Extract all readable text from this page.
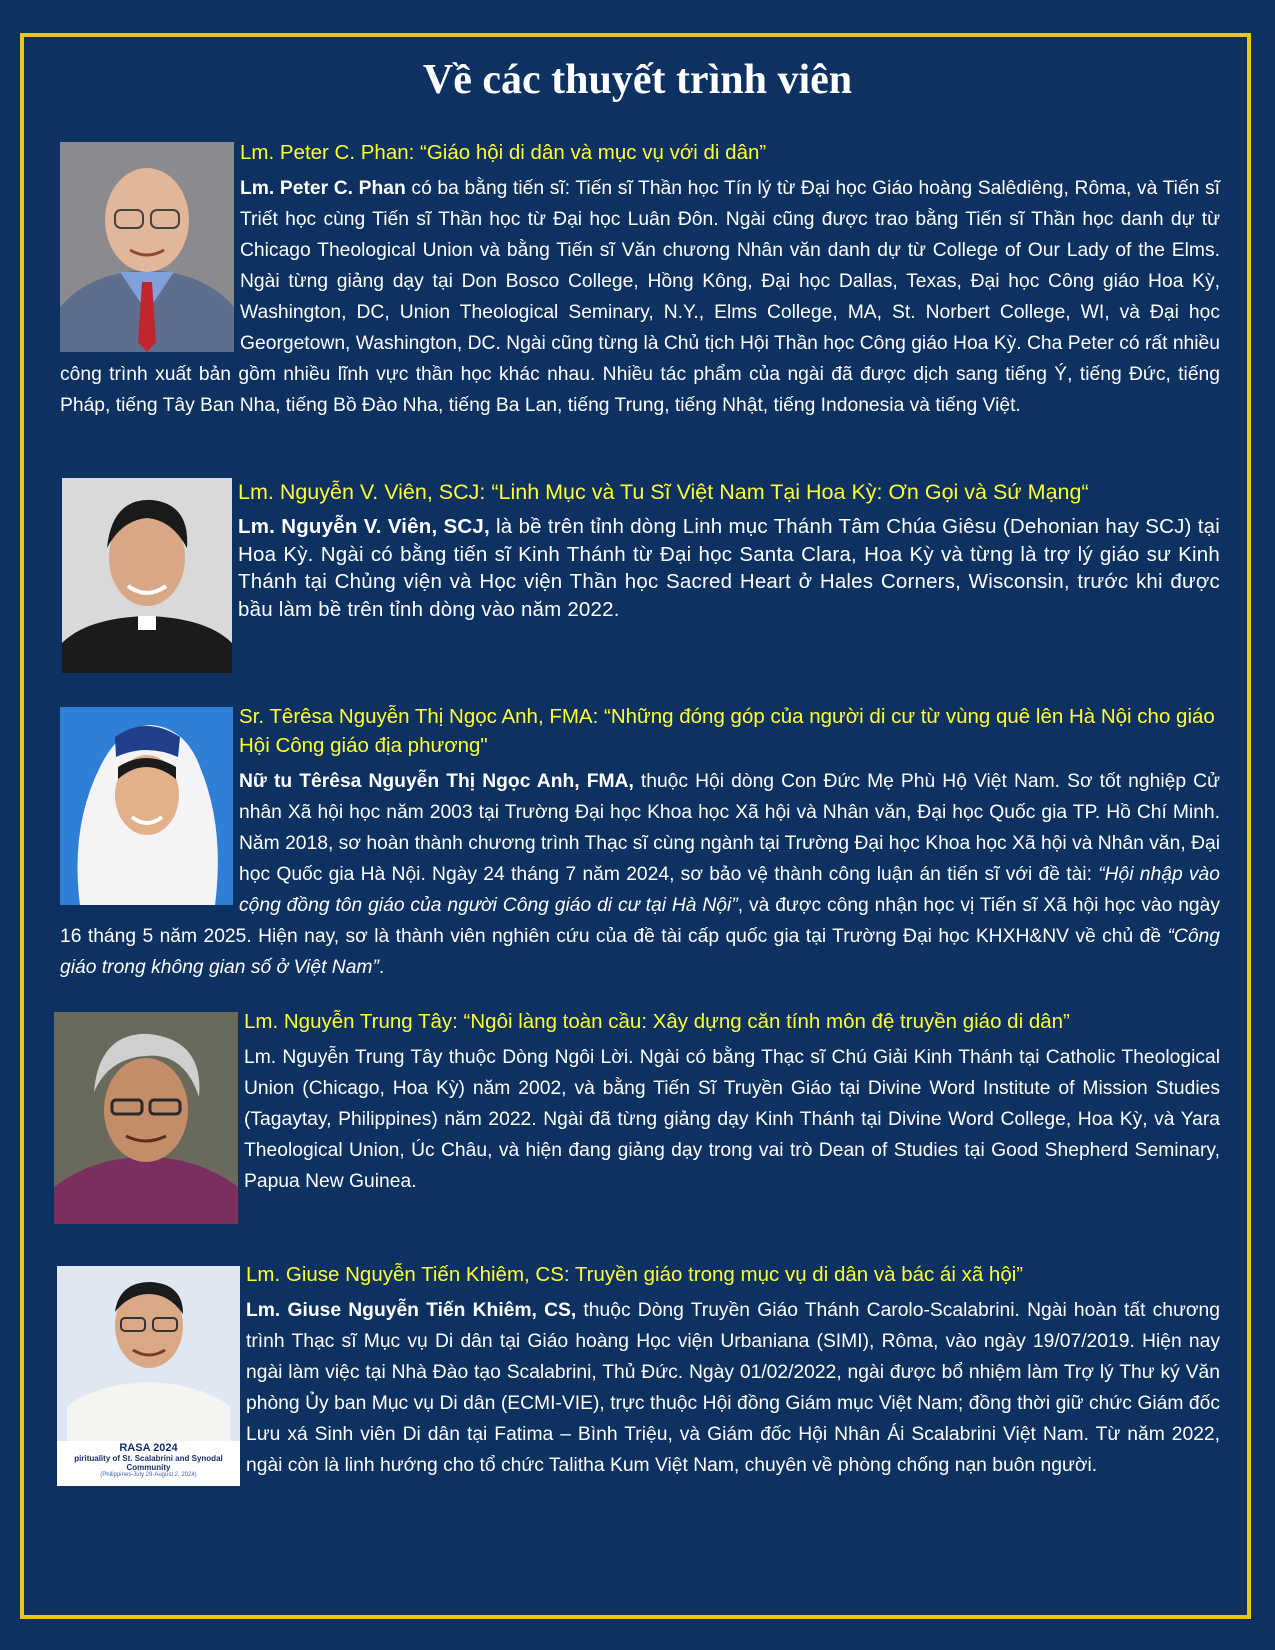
Về các thuyết trình viên

Lm. Peter C. Phan: “Giáo hội di dân và mục vụ với di dân”

Lm. Peter C. Phan có ba bằng tiến sĩ: Tiến sĩ Thần học Tín lý từ Đại học Giáo hoàng Salêdiêng, Rôma, và Tiến sĩ Triết học cùng Tiến sĩ Thần học từ Đại học Luân Đôn. Ngài cũng được trao bằng Tiến sĩ Thần học danh dự từ Chicago Theological Union và bằng Tiến sĩ Văn chương Nhân văn danh dự từ College of Our Lady of the Elms. Ngài từng giảng dạy tại Don Bosco College, Hồng Kông, Đại học Dallas, Texas, Đại học Công giáo Hoa Kỳ, Washington, DC, Union Theological Seminary, N.Y., Elms College, MA, St. Norbert College, WI, và Đại học Georgetown, Washington, DC. Ngài cũng từng là Chủ tịch Hội Thần học Công giáo Hoa Kỳ. Cha Peter có rất nhiều công trình xuất bản gồm nhiều lĩnh vực thần học khác nhau. Nhiều tác phẩm của ngài đã được dịch sang tiếng Ý, tiếng Đức, tiếng Pháp, tiếng Tây Ban Nha, tiếng Bồ Đào Nha, tiếng Ba Lan, tiếng Trung, tiếng Nhật, tiếng Indonesia và tiếng Việt.

Lm. Nguyễn V. Viên, SCJ: “Linh Mục và Tu Sĩ Việt Nam Tại Hoa Kỳ: Ơn Gọi và Sứ Mạng“

Lm. Nguyễn V. Viên, SCJ, là bề trên tỉnh dòng Linh mục Thánh Tâm Chúa Giêsu (Dehonian hay SCJ) tại Hoa Kỳ. Ngài có bằng tiến sĩ Kinh Thánh từ Đại học Santa Clara, Hoa Kỳ và từng là trợ lý giáo sư Kinh Thánh tại Chủng viện và Học viện Thần học Sacred Heart ở Hales Corners, Wisconsin, trước khi được bầu làm bề trên tỉnh dòng vào năm 2022.

Sr. Têrêsa Nguyễn Thị Ngọc Anh, FMA: “Những đóng góp của người di cư từ vùng quê lên Hà Nội cho giáo Hội Công giáo địa phương"

Nữ tu Têrêsa Nguyễn Thị Ngọc Anh, FMA, thuộc Hội dòng Con Đức Mẹ Phù Hộ Việt Nam. Sơ tốt nghiệp Cử nhân Xã hội học năm 2003 tại Trường Đại học Khoa học Xã hội và Nhân văn, Đại học Quốc gia TP. Hồ Chí Minh. Năm 2018, sơ hoàn thành chương trình Thạc sĩ cùng ngành tại Trường Đại học Khoa học Xã hội và Nhân văn, Đại học Quốc gia Hà Nội. Ngày 24 tháng 7 năm 2024, sơ bảo vệ thành công luận án tiến sĩ với đề tài: “Hội nhập vào cộng đồng tôn giáo của người Công giáo di cư tại Hà Nội”, và được công nhận học vị Tiến sĩ Xã hội học vào ngày 16 tháng 5 năm 2025. Hiện nay, sơ là thành viên nghiên cứu của đề tài cấp quốc gia tại Trường Đại học KHXH&NV về chủ đề “Công giáo trong không gian số ở Việt Nam”.

Lm. Nguyễn Trung Tây: “Ngôi làng toàn cầu: Xây dựng căn tính môn đệ truyền giáo di dân”

Lm. Nguyễn Trung Tây thuộc Dòng Ngôi Lời. Ngài có bằng Thạc sĩ Chú Giải Kinh Thánh tại Catholic Theological Union (Chicago, Hoa Kỳ) năm 2002, và bằng Tiến Sĩ Truyền Giáo tại Divine Word Institute of Mission Studies (Tagaytay, Philippines) năm 2022. Ngài đã từng giảng dạy Kinh Thánh tại Divine Word College, Hoa Kỳ, và Yara Theological Union, Úc Châu, và hiện đang giảng dạy trong vai trò Dean of Studies tại Good Shepherd Seminary, Papua New Guinea.

RASA 2024
pirituality of St. Scalabrini and Synodal Community
(Philippines-July 29-August 2, 2024)

Lm. Giuse Nguyễn Tiến Khiêm, CS: Truyền giáo trong mục vụ di dân và bác ái xã hội”

Lm. Giuse Nguyễn Tiến Khiêm, CS, thuộc Dòng Truyền Giáo Thánh Carolo-Scalabrini. Ngài hoàn tất chương trình Thạc sĩ Mục vụ Di dân tại Giáo hoàng Học viện Urbaniana (SIMI), Rôma, vào ngày 19/07/2019. Hiện nay ngài làm việc tại Nhà Đào tạo Scalabrini, Thủ Đức. Ngày 01/02/2022, ngài được bổ nhiệm làm Trợ lý Thư ký Văn phòng Ủy ban Mục vụ Di dân (ECMI-VIE), trực thuộc Hội đồng Giám mục Việt Nam; đồng thời giữ chức Giám đốc Lưu xá Sinh viên Di dân tại Fatima – Bình Triệu, và Giám đốc Hội Nhân Ái Scalabrini Việt Nam. Từ năm 2022, ngài còn là linh hướng cho tổ chức Talitha Kum Việt Nam, chuyên về phòng chống nạn buôn người.
